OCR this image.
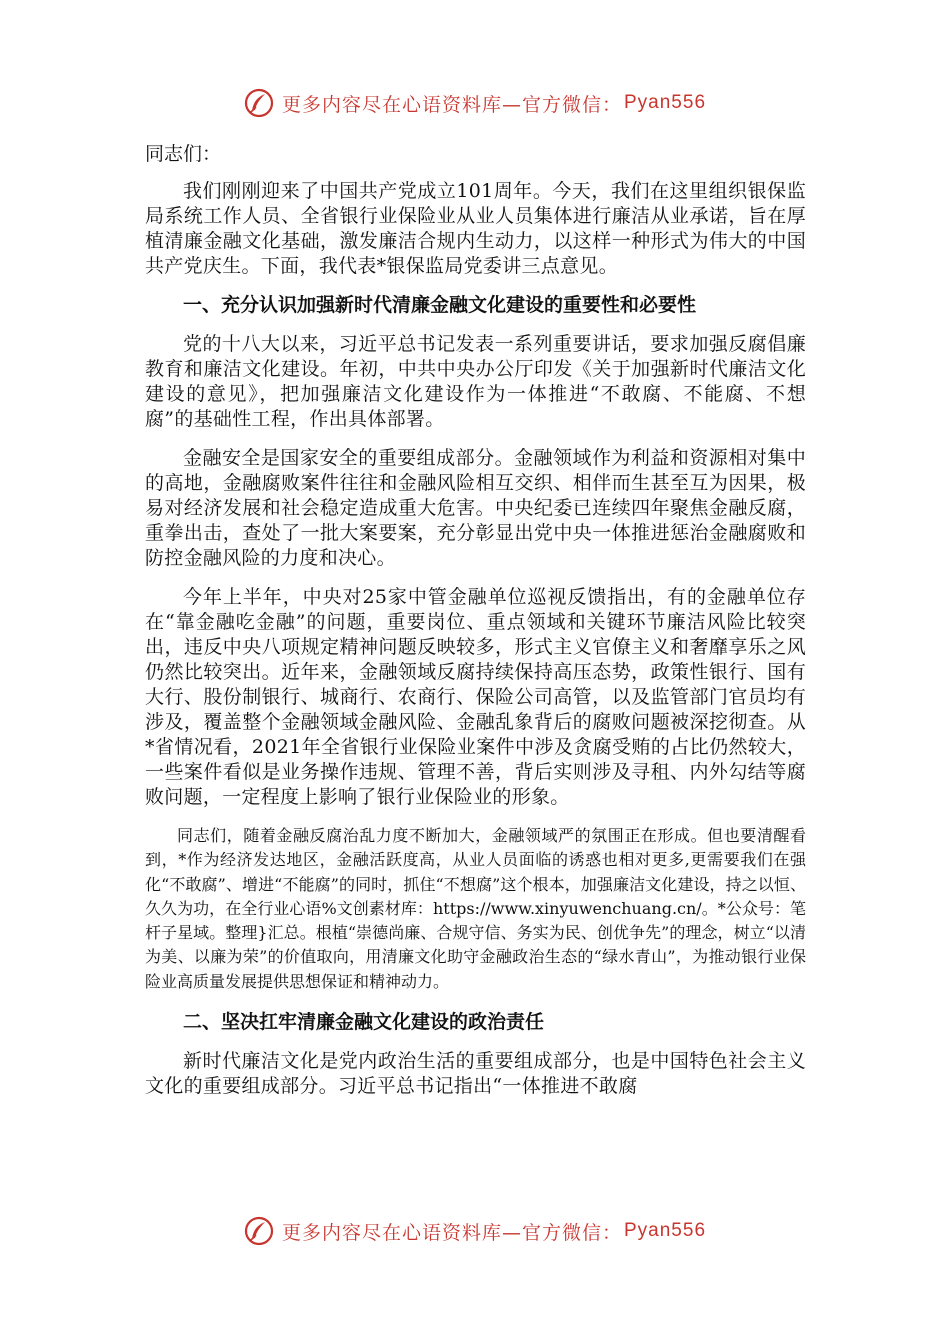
更多内容尽在心语资料库—官方微信： Pyan556

同志们：

我们刚刚迎来了中国共产党成立101周年。今天，我们在这里组织银保监局系统工作人员、全省银行业保险业从业人员集体进行廉洁从业承诺，旨在厚植清廉金融文化基础，激发廉洁合规内生动力，以这样一种形式为伟大的中国共产党庆生。下面，我代表*银保监局党委讲三点意见。

一、充分认识加强新时代清廉金融文化建设的重要性和必要性

党的十八大以来，习近平总书记发表一系列重要讲话，要求加强反腐倡廉教育和廉洁文化建设。年初，中共中央办公厅印发《关于加强新时代廉洁文化建设的意见》，把加强廉洁文化建设作为一体推进“不敢腐、不能腐、不想腐”的基础性工程，作出具体部署。

金融安全是国家安全的重要组成部分。金融领域作为利益和资源相对集中的高地，金融腐败案件往往和金融风险相互交织、相伴而生甚至互为因果，极易对经济发展和社会稳定造成重大危害。中央纪委已连续四年聚焦金融反腐，重拳出击，查处了一批大案要案，充分彰显出党中央一体推进惩治金融腐败和防控金融风险的力度和决心。

今年上半年，中央对25家中管金融单位巡视反馈指出，有的金融单位存在“靠金融吃金融”的问题，重要岗位、重点领域和关键环节廉洁风险比较突出，违反中央八项规定精神问题反映较多，形式主义官僚主义和奢靡享乐之风仍然比较突出。近年来，金融领域反腐持续保持高压态势，政策性银行、国有大行、股份制银行、城商行、农商行、保险公司高管，以及监管部门官员均有涉及，覆盖整个金融领域金融风险、金融乱象背后的腐败问题被深挖彻查。从*省情况看，2021年全省银行业保险业案件中涉及贪腐受贿的占比仍然较大，一些案件看似是业务操作违规、管理不善，背后实则涉及寻租、内外勾结等腐败问题，一定程度上影响了银行业保险业的形象。

同志们，随着金融反腐治乱力度不断加大，金融领域严的氛围正在形成。但也要清醒看到，*作为经济发达地区，金融活跃度高，从业人员面临的诱惑也相对更多,更需要我们在强化“不敢腐”、增进“不能腐”的同时，抓住“不想腐”这个根本，加强廉洁文化建设，持之以恒、久久为功，在全行业心语%文创素材库：https://www.xinyuwenchuang.cn/。*公众号：笔杆子星域。整理}汇总。根植“崇德尚廉、合规守信、务实为民、创优争先”的理念，树立“以清为美、以廉为荣”的价值取向，用清廉文化助守金融政治生态的“绿水青山”，为推动银行业保险业高质量发展提供思想保证和精神动力。

二、坚决扛牢清廉金融文化建设的政治责任

新时代廉洁文化是党内政治生活的重要组成部分，也是中国特色社会主义文化的重要组成部分。习近平总书记指出“一体推进不敢腐

更多内容尽在心语资料库—官方微信： Pyan556
